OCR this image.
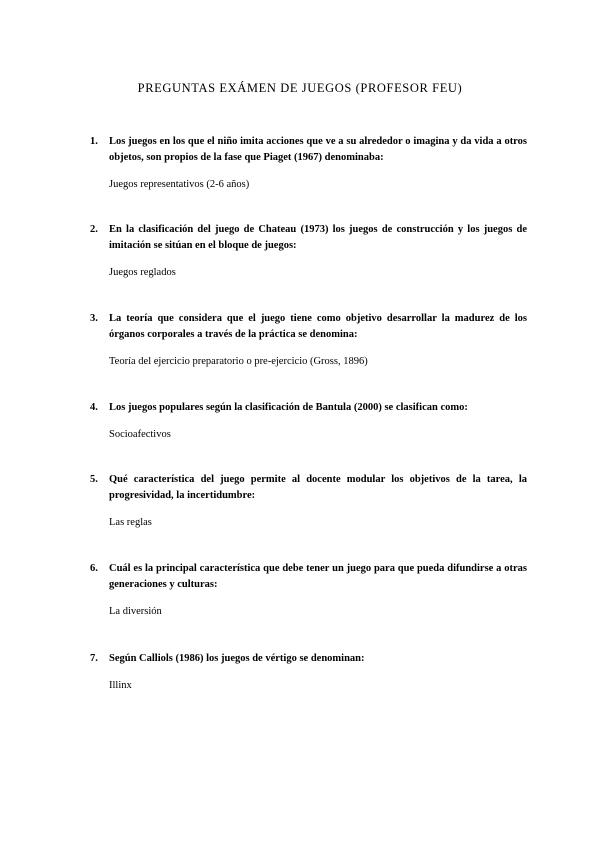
PREGUNTAS EXÁMEN DE JUEGOS (PROFESOR FEU)
1.	Los juegos en los que el niño imita acciones que ve a su alrededor o imagina y da vida a otros objetos, son propios de la fase que Piaget (1967) denominaba:
Juegos representativos (2-6 años)
2.	En la clasificación del juego de Chateau (1973) los juegos de construcción y los juegos de imitación se sitúan en el bloque de juegos:
Juegos reglados
3.	La teoría que considera que el juego tiene como objetivo desarrollar la madurez de los órganos corporales a través de la práctica se denomina:
Teoría del ejercicio preparatorio o pre-ejercicio (Gross, 1896)
4.	Los juegos populares según la clasificación de Bantula (2000) se clasifican como:
Socioafectivos
5.	Qué característica del juego permite al docente modular los objetivos de la tarea, la progresividad, la incertidumbre:
Las reglas
6.	Cuál es la principal característica que debe tener un juego para que pueda difundirse a otras generaciones y culturas:
La diversión
7.	Según Calliols (1986) los juegos de vértigo se denominan:
Illinx
